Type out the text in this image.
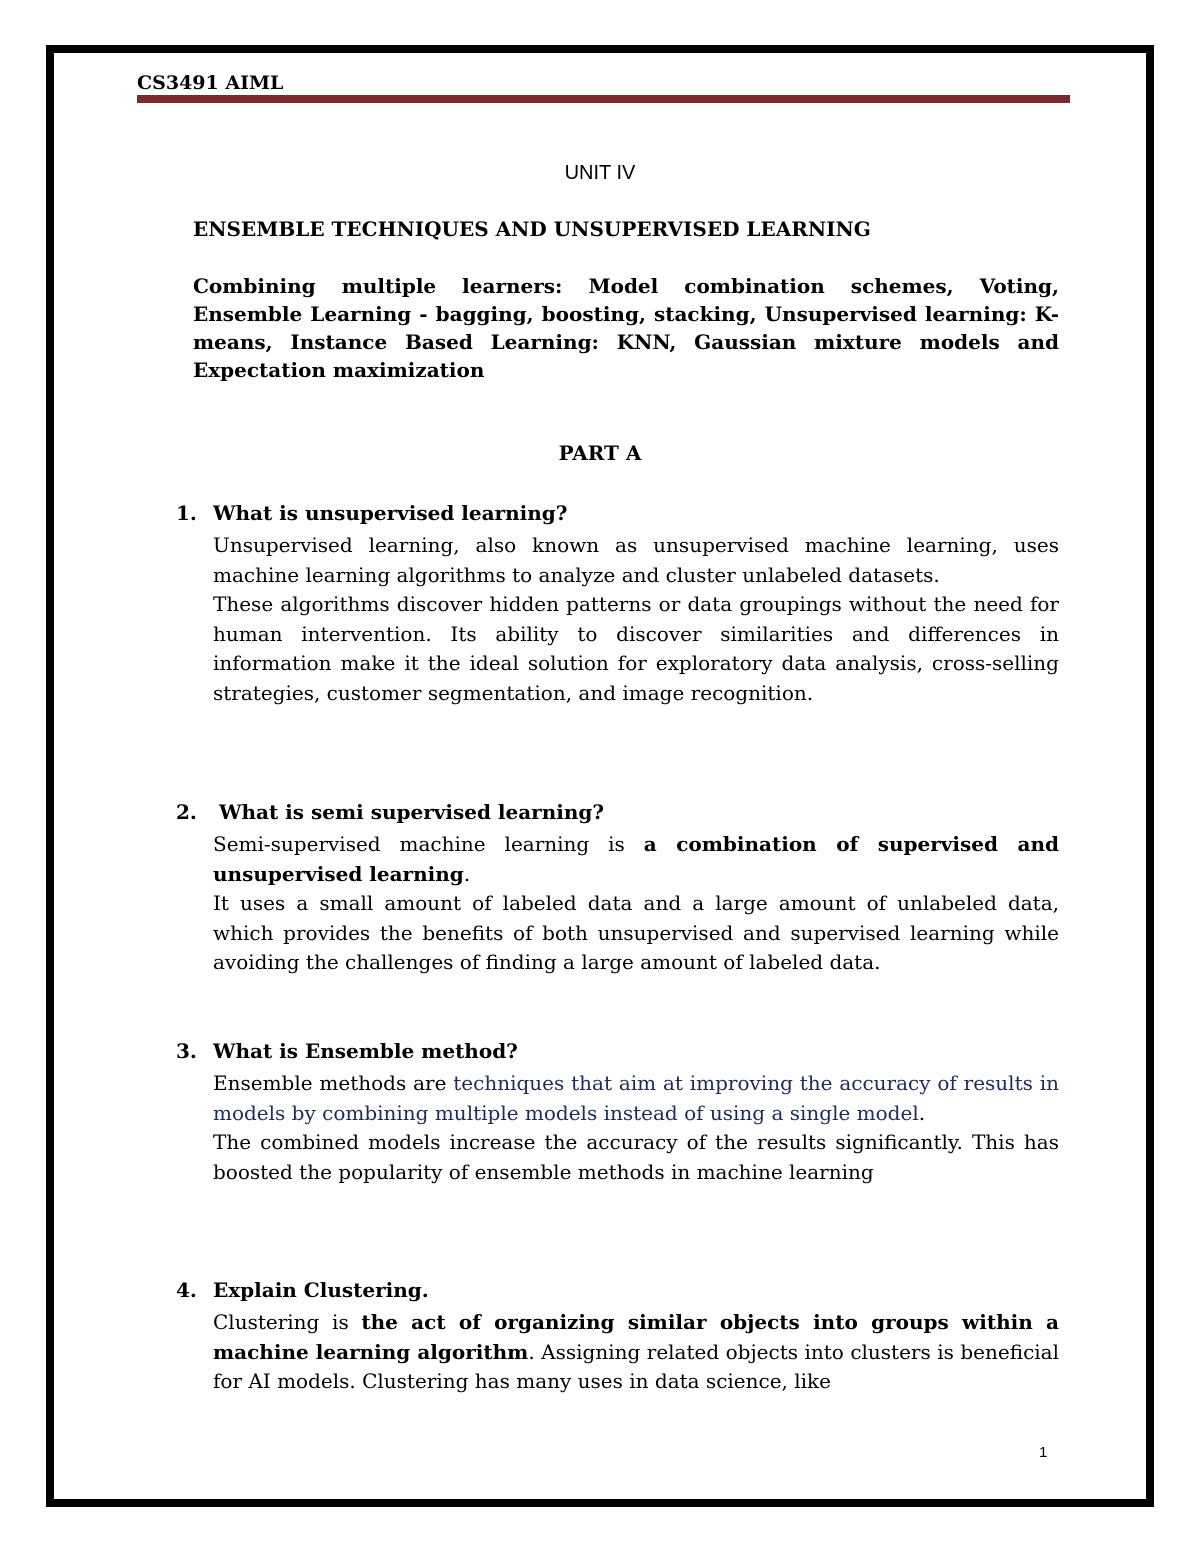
CS3491 AIML
UNIT IV
ENSEMBLE TECHNIQUES AND UNSUPERVISED LEARNING
Combining multiple learners: Model combination schemes, Voting, Ensemble Learning - bagging, boosting, stacking, Unsupervised learning: K-means, Instance Based Learning: KNN, Gaussian mixture models and Expectation maximization
PART A
1. What is unsupervised learning?

Unsupervised learning, also known as unsupervised machine learning, uses machine learning algorithms to analyze and cluster unlabeled datasets.

These algorithms discover hidden patterns or data groupings without the need for human intervention. Its ability to discover similarities and differences in information make it the ideal solution for exploratory data analysis, cross-selling strategies, customer segmentation, and image recognition.

2. What is semi supervised learning?

Semi-supervised machine learning is a combination of supervised and unsupervised learning.

It uses a small amount of labeled data and a large amount of unlabeled data, which provides the benefits of both unsupervised and supervised learning while avoiding the challenges of finding a large amount of labeled data.

3. What is Ensemble method?

Ensemble methods are techniques that aim at improving the accuracy of results in models by combining multiple models instead of using a single model.

The combined models increase the accuracy of the results significantly. This has boosted the popularity of ensemble methods in machine learning

4. Explain Clustering.

Clustering is the act of organizing similar objects into groups within a machine learning algorithm. Assigning related objects into clusters is beneficial for AI models. Clustering has many uses in data science, like

1
